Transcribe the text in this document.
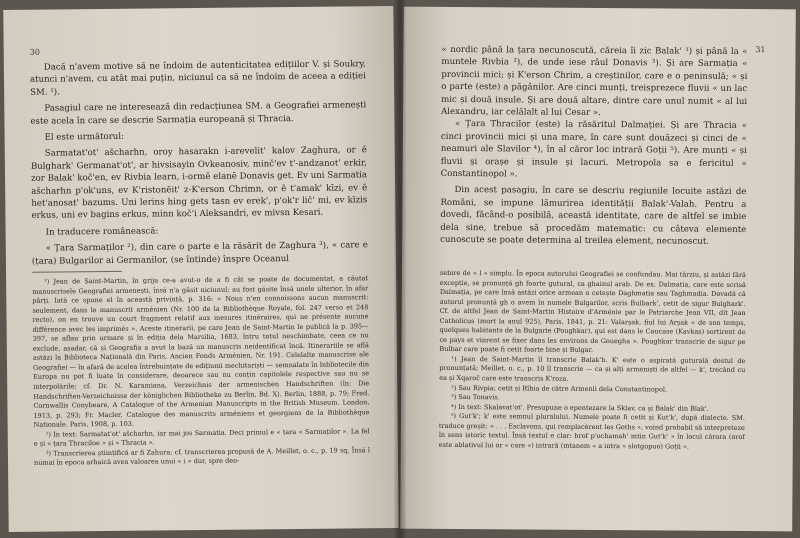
30

Dacă n'avem motive să ne îndoim de autenticitatea edițiilor V. și Soukry, atunci n'avem, cu atât mai puțin, niciunul ca să ne îndoim de aceea a ediției SM. ¹).

Pasagiul care ne interesează din redacțiunea SM. a Geografiei armenești este acela în care se descrie Sarmația europeană și Thracia.

El este următorul:

Sarmatat'ot' ašcharhn, oroy hasarakn i-arevelit' kalov Zaghura, or ē Bulghark' Germanat'ot', ar hivsisayin Ovkeanosiv, minč'ev t'-andzanot' erkir, zor Balak' koč'en, ev Rivbia learn, i-ormē elanē Donavis get. Ev uni Sarmatia ašcharhn p'ok'uns, ev K'ristonēit' z-K'erson Chrimn, or ē t'amak' kīzi, ev ē het'anosat' bazums. Uni lerins hing gets tasn ev erek', p'ok'r lič' mi, ev kīzis erkus, uni ev bagins erkus, minn koč'i Aleksandri, ev mivsn Kesari.

In traducere românească:

« Țara Sarmaților ²), din care o parte e la răsărit de Zaghura ³), « care e (țara) Bulgarilor ai Germanilor, (se întinde) înspre Oceanul

¹) Jean de Saint-Martin, în grija ce-a avut-o de a fi cât se poate de documentat, a căutat manuscrisele Geografiei armenești, însă n'a găsit niciunul; au fost găsite însă unele ulterior, în afar pârți. Iată ce spune el în această privință, p. 316: « Nous n'en connoissons aucun manuscrit: seulement, dans le manuscrit arménien (Nr. 100 de la Bibliothèque Royale, fol. 247 verso et 248 recto), on en trouve un court fragment relatif aux mesures itinéraires, qui ne présente aucune différence avec les imprimés ». Aceste itinerarii, pe care Jean de Saint-Martin le publică la p. 395—397, se aflau prin urmare și în ediția dela Marsilia, 1683, întru totul neschimbate, ceea ce nu exclude, așadar, că și Geografia a avut la bază un manuscris neidentificat încă. Itinerariile se află astăzi la Biblioteca Națională din Paris, Ancien Fonds Arménien, Nr. 191. Celelalte manuscrise ale Geografiei — în afară de acelea întrebuințate de edițiunii mechitariști — semnalate în bibliotecile din Europa nu pot fi luate în considerare, deoarece sau nu conțin capitolele respective sau nu se interpolările; cf. Dr. N. Karamiana, Verzeichnis der armenischen Handschriften (în: Die Handschriften-Verzeichnisse der königlichen Bibliotheke zu Berlin, Bd. X). Berlin, 1888, p. 79; Fred. Cornwallis Conybeare, A Catalogue of the Armenian Manuscripts in the British Museum. London, 1913, p. 293; Fr. Macler, Catalogue des manuscrits arméniens et georgiens de la Bibliothèque Nationale. Paris, 1908, p. 103.

²) In text: Sarmatat'ot' ašcharhn, iar mai jos Sarmatia. Deci primul e « țara « Sarmaților ». La fel e și « țara Thraciloe » și « Thracia ».

³) Transcrierea științifică ar fi Zahura; cf. transcrierea propusă de A. Meillet, o. c., p. 19 sq. Însă î numai în epoca arhaică avea valoarea unui « i » dur, spre deo-

31

« nordic până la țara necunoscută, căreia îi zic Balak' ¹) și până la « muntele Rivbia ²), de unde iese râul Donavis ³). Și are Sarmația « provincii mici; și K'erson Chrim, a creștinilor, care e o peninsulă; « și o parte (este) a păgânilor. Are cinci munți, treisprezece fluvii « un lac mic și două insule. Și are două altare, dintre care unul numit « al lui Alexandru, iar celălalt al lui Cesar ».

« Țara Thracilor (este) la răsăritul Dalmației. Și are Thracia « cinci provincii mici și una mare, în care sunt douăzeci și cinci de « neamuri ale Slavilor ⁴), în al căror loc intrară Goții ⁵). Are munți « și fluvii și orașe și insule și lacuri. Metropola sa e fericitul « Constantinopol ».

Din acest pasagiu, în care se descriu regiunile locuite astăzi de Români, se impune lămurirea identității Balak'-Valah. Pentru a dovedi, făcând-o posibilă, această identitate, care de altfel se imbie dela sine, trebue să procedăm matematic: cu câteva elemente cunoscute se poate determina al treilea element, necunoscut.

sebire de « l » simplu. În epoca autorului Geografiei se confundau. Mai târziu, și astăzi fără excepție, se pronunță gh foarte gutural, ca ghainul arab. De ex. Dalmatia, care este scrisă Dalmația, pe care însă astăzi orice armean o cetește Daghmatia sau Taghmadia. Dovadă că autorul pronunță gh o avem în numele Bulgarilor, scris Bulbark', cetit de sigur Bulghark'. Cf. de altfel Jean de Saint-Martin Histoire d'Arménie par le Patriarche Jean VII, dit Jean Catholicus (mort la anul 925), Paris, 1841, p. 21: Valarșak, fiul lui Arșak « de son temps, quelques habitants de la Bulgarie (Poughkar), qui est dans le Caucase (Kavkas) sortirent de ce pays et vinrent se fixer dans les environs de Gouegha ». Poughkar transcrie de sigur pe Bulbar care poate fi cetit foarte bine și Bulgar.

¹) Jean de Saint-Martin îl transcrie Balak'h. K' este o aspirată guturală destul de pronunțată; Meillet, o. c., p. 10 îl transcrie — ca și alți armeniști de altfel — k', trecând cu ea și Xqaroč care este transcris K'roza.

²) Sau Rivpia; cetit și Rîbia de către Armenii dela Constantinopol.

³) Sau Tonavis.

⁴) In text: Skalavat'ot'. Presupune o epentezare la Sklav, ca și Balak' din Blak'.

⁵) Gut'k'; k' este semnul pluralului. Numele poate fi cetit și Kut'k', după dialecte. SM. traduce greșit: « . . . Esclavons, qui remplacèrent les Goths », voind probabil să interpreteze în sens istoric textul. Însă textul e clar: hrof p'ochamah' mtin Gut'k' » în locul cărora (orof este ablativul lui or « care ») intrară (mtanem « a intra » slotgopuo) Goții ».
